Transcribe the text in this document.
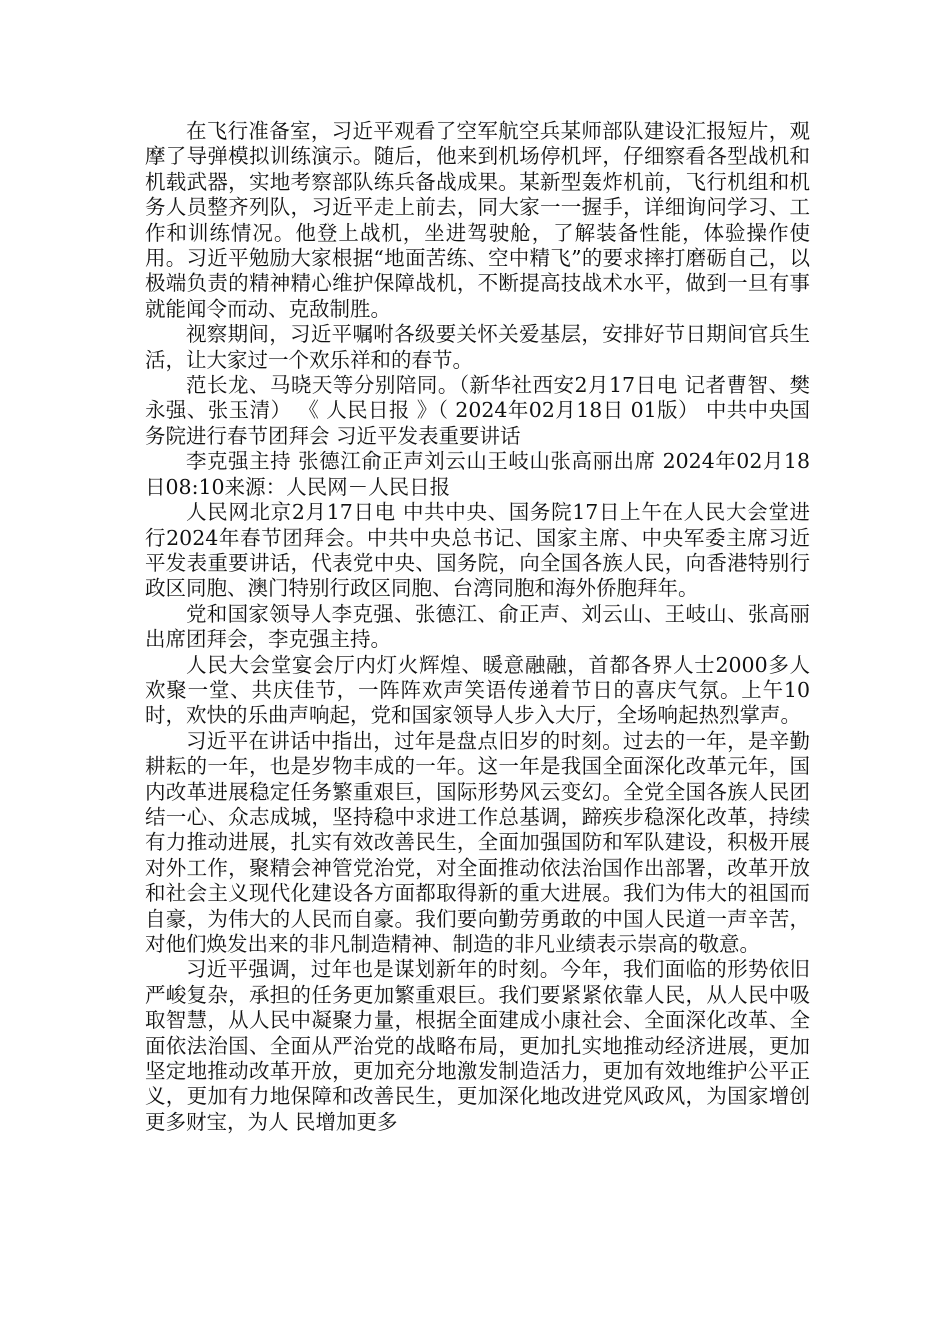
在飞行准备室，习近平观看了空军航空兵某师部队建设汇报短片，观摩了导弹模拟训练演示。随后，他来到机场停机坪，仔细察看各型战机和机载武器，实地考察部队练兵备战成果。某新型轰炸机前，飞行机组和机务人员整齐列队，习近平走上前去，同大家一一握手，详细询问学习、工作和训练情况。他登上战机，坐进驾驶舱，了解装备性能，体验操作使用。习近平勉励大家根据“地面苦练、空中精飞”的要求摔打磨砺自己，以极端负责的精神精心维护保障战机，不断提高技战术水平，做到一旦有事就能闻令而动、克敌制胜。

视察期间，习近平嘱咐各级要关怀关爱基层，安排好节日期间官兵生活，让大家过一个欢乐祥和的春节。

范长龙、马晓天等分别陪同。（新华社西安2月17日电 记者曹智、樊永强、张玉清） 《 人民日报 》（ 2024年02月18日 01版） 中共中央国务院进行春节团拜会 习近平发表重要讲话

李克强主持 张德江俞正声刘云山王岐山张高丽出席 2024年02月18日08:10来源：人民网－人民日报

人民网北京2月17日电 中共中央、国务院17日上午在人民大会堂进行2024年春节团拜会。中共中央总书记、国家主席、中央军委主席习近平发表重要讲话，代表党中央、国务院，向全国各族人民，向香港特别行政区同胞、澳门特别行政区同胞、台湾同胞和海外侨胞拜年。

党和国家领导人李克强、张德江、俞正声、刘云山、王岐山、张高丽出席团拜会，李克强主持。

人民大会堂宴会厅内灯火辉煌、暖意融融，首都各界人士2000多人欢聚一堂、共庆佳节，一阵阵欢声笑语传递着节日的喜庆气氛。上午10时，欢快的乐曲声响起，党和国家领导人步入大厅，全场响起热烈掌声。

习近平在讲话中指出，过年是盘点旧岁的时刻。过去的一年，是辛勤耕耘的一年，也是岁物丰成的一年。这一年是我国全面深化改革元年，国内改革进展稳定任务繁重艰巨，国际形势风云变幻。全党全国各族人民团结一心、众志成城，坚持稳中求进工作总基调，蹄疾步稳深化改革，持续有力推动进展，扎实有效改善民生，全面加强国防和军队建设，积极开展对外工作，聚精会神管党治党，对全面推动依法治国作出部署，改革开放和社会主义现代化建设各方面都取得新的重大进展。我们为伟大的祖国而自豪，为伟大的人民而自豪。我们要向勤劳勇敢的中国人民道一声辛苦，对他们焕发出来的非凡制造精神、制造的非凡业绩表示崇高的敬意。

习近平强调，过年也是谋划新年的时刻。今年，我们面临的形势依旧严峻复杂，承担的任务更加繁重艰巨。我们要紧紧依靠人民，从人民中吸取智慧，从人民中凝聚力量，根据全面建成小康社会、全面深化改革、全面依法治国、全面从严治党的战略布局，更加扎实地推动经济进展，更加坚定地推动改革开放，更加充分地激发制造活力，更加有效地维护公平正义，更加有力地保障和改善民生，更加深化地改进党风政风，为国家增创更多财宝，为人 民增加更多
